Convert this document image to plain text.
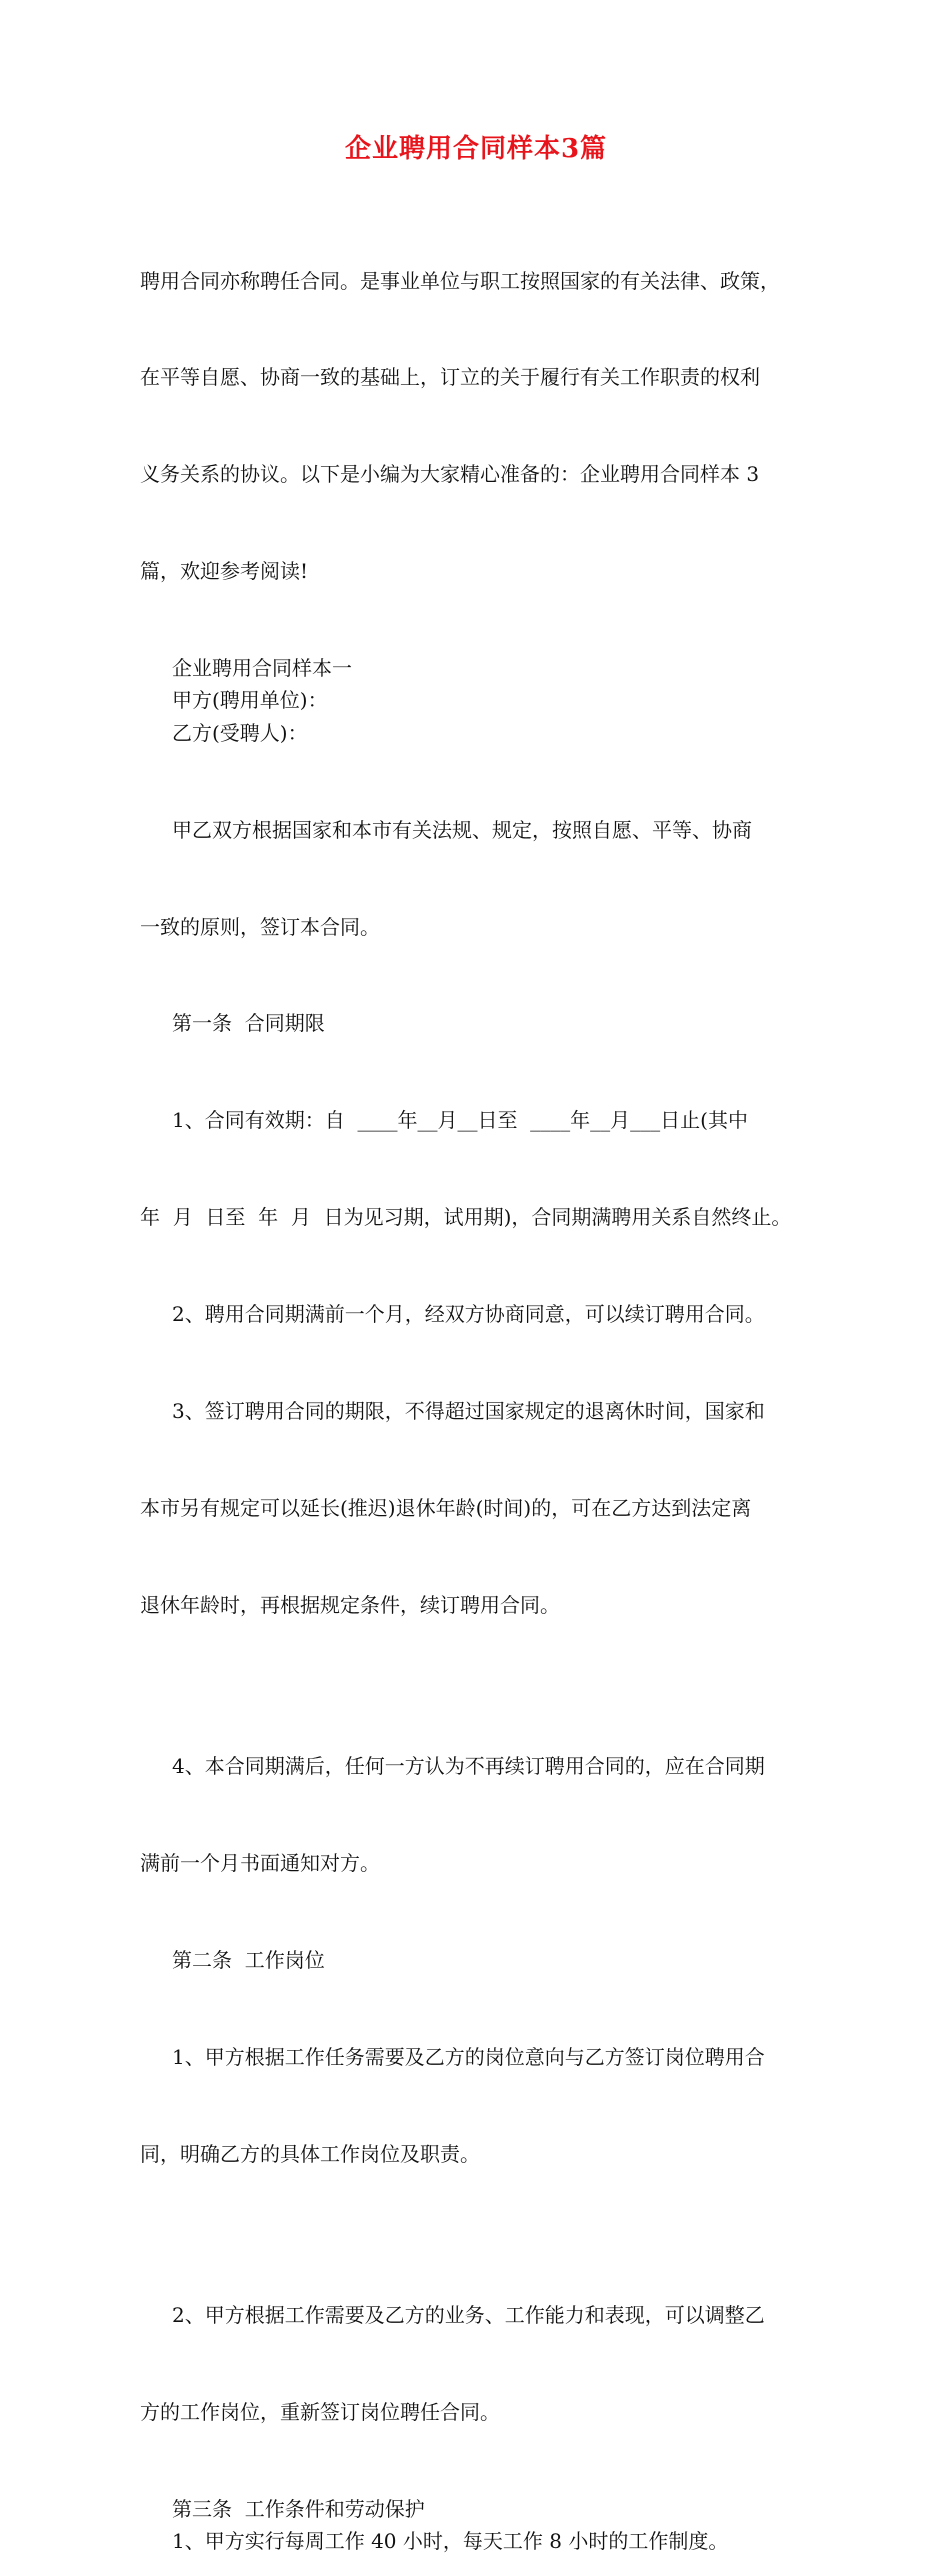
企业聘用合同样本3篇

聘用合同亦称聘任合同。是事业单位与职工按照国家的有关法律、政策，

在平等自愿、协商一致的基础上，订立的关于履行有关工作职责的权利

义务关系的协议。以下是小编为大家精心准备的：企业聘用合同样本 3

篇，欢迎参考阅读!

企业聘用合同样本一
甲方(聘用单位)：
乙方(受聘人)：

甲乙双方根据国家和本市有关法规、规定，按照自愿、平等、协商

一致的原则，签订本合同。

第一条  合同期限

1、合同有效期：自  ____年__月__日至  ____年__月___日止(其中

年  月  日至  年  月  日为见习期，试用期)，合同期满聘用关系自然终止。

2、聘用合同期满前一个月，经双方协商同意，可以续订聘用合同。

3、签订聘用合同的期限，不得超过国家规定的退离休时间，国家和

本市另有规定可以延长(推迟)退休年龄(时间)的，可在乙方达到法定离

退休年龄时，再根据规定条件，续订聘用合同。

4、本合同期满后，任何一方认为不再续订聘用合同的，应在合同期

满前一个月书面通知对方。

第二条  工作岗位

1、甲方根据工作任务需要及乙方的岗位意向与乙方签订岗位聘用合

同，明确乙方的具体工作岗位及职责。

2、甲方根据工作需要及乙方的业务、工作能力和表现，可以调整乙

方的工作岗位，重新签订岗位聘任合同。

第三条  工作条件和劳动保护
1、甲方实行每周工作 40 小时，每天工作 8 小时的工作制度。
